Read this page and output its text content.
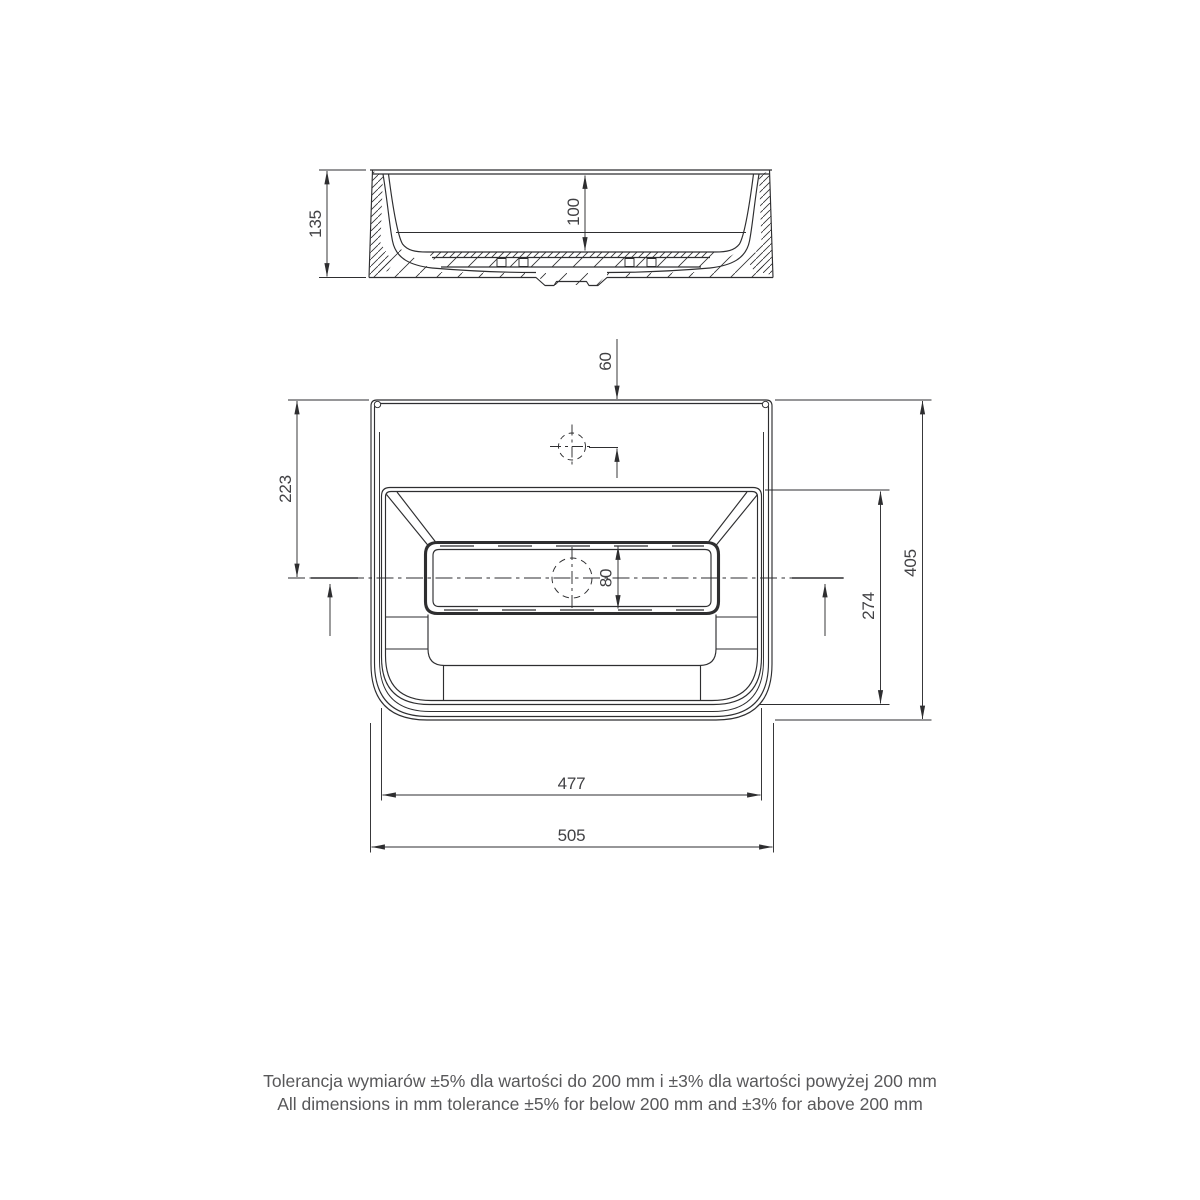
135	100
60
223
80
274
405
477
505

Tolerancja wymiarów ±5% dla wartości do 200 mm i ±3% dla wartości powyżej 200 mm

All dimensions in mm tolerance ±5% for below 200 mm and ±3% for above 200 mm
